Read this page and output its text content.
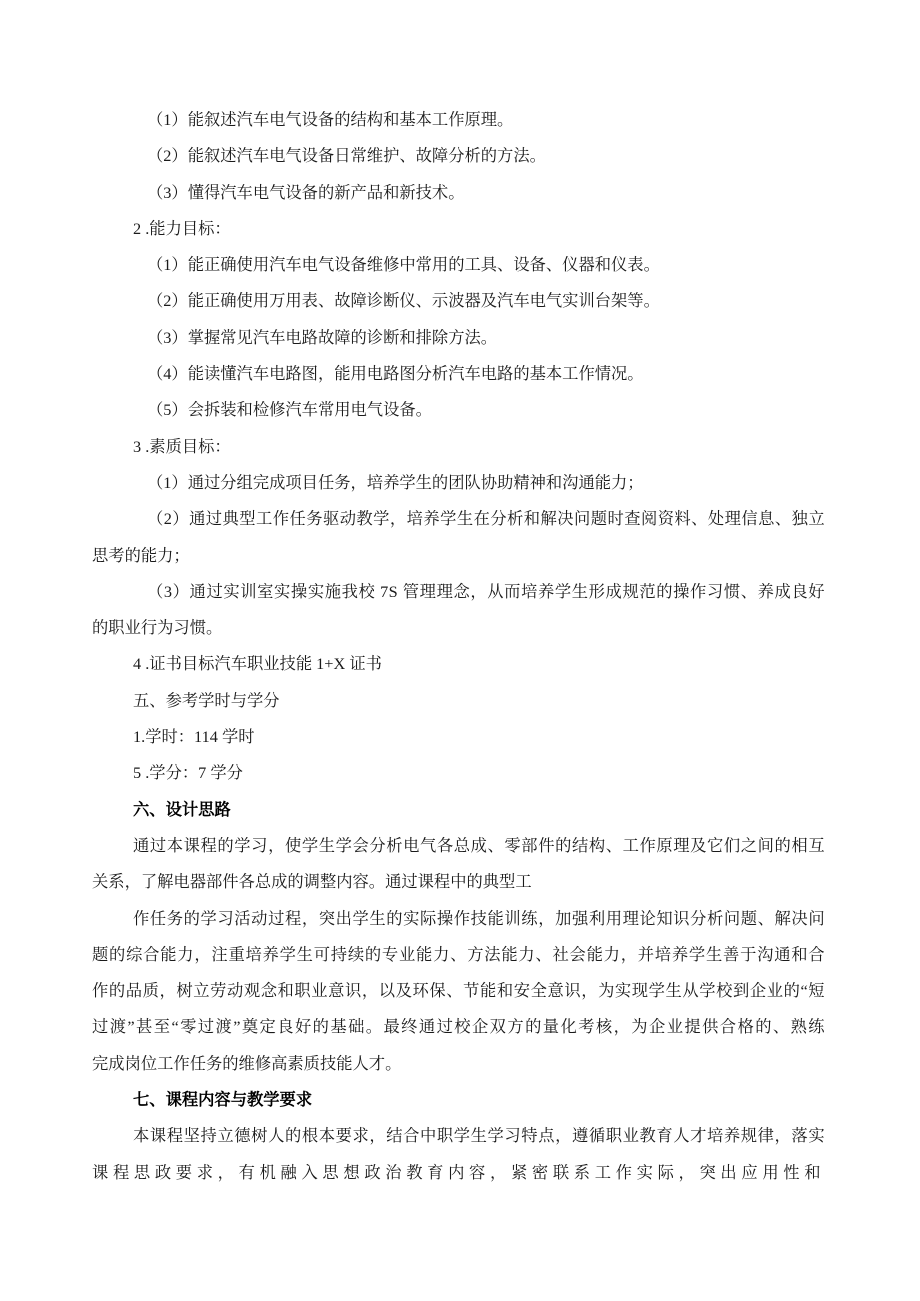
（1）能叙述汽车电气设备的结构和基本工作原理。
（2）能叙述汽车电气设备日常维护、故障分析的方法。
（3）懂得汽车电气设备的新产品和新技术。
2 .能力目标：
（1）能正确使用汽车电气设备维修中常用的工具、设备、仪器和仪表。
（2）能正确使用万用表、故障诊断仪、示波器及汽车电气实训台架等。
（3）掌握常见汽车电路故障的诊断和排除方法。
（4）能读懂汽车电路图，能用电路图分析汽车电路的基本工作情况。
（5）会拆装和检修汽车常用电气设备。
3 .素质目标：
（1）通过分组完成项目任务，培养学生的团队协助精神和沟通能力；
（2）通过典型工作任务驱动教学，培养学生在分析和解决问题时查阅资料、处理信息、独立
思考的能力；
（3）通过实训室实操实施我校 7S 管理理念，从而培养学生形成规范的操作习惯、养成良好
的职业行为习惯。
4 .证书目标汽车职业技能 1+X 证书
五、参考学时与学分
1.学时：114 学时
5 .学分：7 学分
六、设计思路
通过本课程的学习，使学生学会分析电气各总成、零部件的结构、工作原理及它们之间的相互
关系，了解电器部件各总成的调整内容。通过课程中的典型工
作任务的学习活动过程，突出学生的实际操作技能训练，加强利用理论知识分析问题、解决问
题的综合能力，注重培养学生可持续的专业能力、方法能力、社会能力，并培养学生善于沟通和合
作的品质，树立劳动观念和职业意识，以及环保、节能和安全意识，为实现学生从学校到企业的“短
过渡”甚至“零过渡”奠定良好的基础。最终通过校企双方的量化考核，为企业提供合格的、熟练
完成岗位工作任务的维修高素质技能人才。
七、课程内容与教学要求
本课程坚持立德树人的根本要求，结合中职学生学习特点，遵循职业教育人才培养规律，落实
课程思政要求，有机融入思想政治教育内容，紧密联系工作实际，突出应用性和
